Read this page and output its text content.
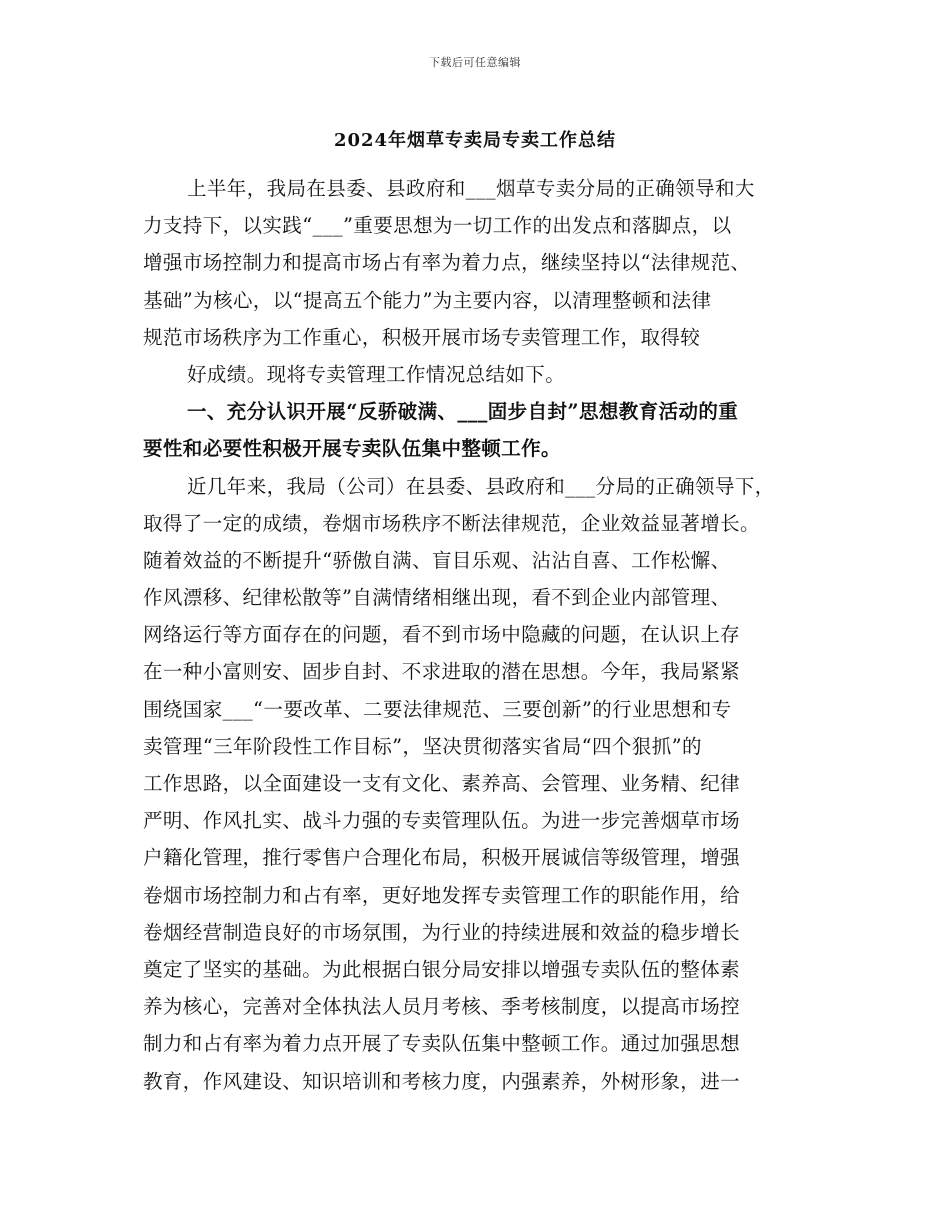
下载后可任意编辑
2024年烟草专卖局专卖工作总结
上半年，我局在县委、县政府和___烟草专卖分局的正确领导和大
力支持下，以实践“___”重要思想为一切工作的出发点和落脚点，以
增强市场控制力和提高市场占有率为着力点，继续坚持以“法律规范、
基础”为核心，以“提高五个能力”为主要内容，以清理整顿和法律
规范市场秩序为工作重心，积极开展市场专卖管理工作，取得较
好成绩。现将专卖管理工作情况总结如下。
一、充分认识开展“反骄破满、___固步自封”思想教育活动的重
要性和必要性积极开展专卖队伍集中整顿工作。
近几年来，我局（公司）在县委、县政府和___分局的正确领导下，
取得了一定的成绩，卷烟市场秩序不断法律规范，企业效益显著增长。
随着效益的不断提升“骄傲自满、盲目乐观、沾沾自喜、工作松懈、
作风漂移、纪律松散等”自满情绪相继出现，看不到企业内部管理、
网络运行等方面存在的问题，看不到市场中隐藏的问题，在认识上存
在一种小富则安、固步自封、不求进取的潜在思想。今年，我局紧紧
围绕国家___“一要改革、二要法律规范、三要创新”的行业思想和专
卖管理“三年阶段性工作目标”，坚决贯彻落实省局“四个狠抓”的
工作思路，以全面建设一支有文化、素养高、会管理、业务精、纪律
严明、作风扎实、战斗力强的专卖管理队伍。为进一步完善烟草市场
户籍化管理，推行零售户合理化布局，积极开展诚信等级管理，增强
卷烟市场控制力和占有率，更好地发挥专卖管理工作的职能作用，给
卷烟经营制造良好的市场氛围，为行业的持续进展和效益的稳步增长
奠定了坚实的基础。为此根据白银分局安排以增强专卖队伍的整体素
养为核心，完善对全体执法人员月考核、季考核制度，以提高市场控
制力和占有率为着力点开展了专卖队伍集中整顿工作。通过加强思想
教育，作风建设、知识培训和考核力度，内强素养，外树形象，进一
